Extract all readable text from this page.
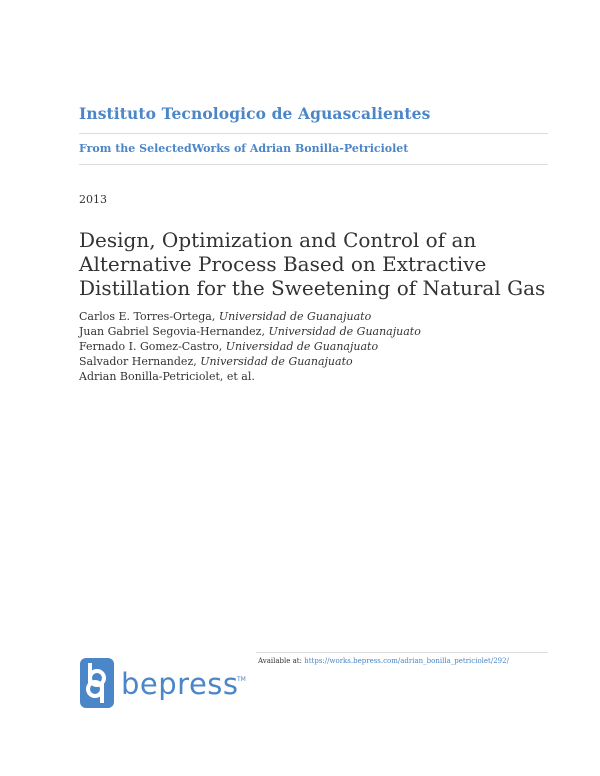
Instituto Tecnologico de Aguascalientes
From the SelectedWorks of Adrian Bonilla-Petriciolet
2013
Design, Optimization and Control of an
Alternative Process Based on Extractive
Distillation for the Sweetening of Natural Gas
Carlos E. Torres-Ortega, Universidad de Guanajuato
Juan Gabriel Segovia-Hernandez, Universidad de Guanajuato
Fernado I. Gomez-Castro, Universidad de Guanajuato
Salvador Hernandez, Universidad de Guanajuato
Adrian Bonilla-Petriciolet, et al.
Available at: https://works.bepress.com/adrian_bonilla_petriciolet/292/
bepress
TM
